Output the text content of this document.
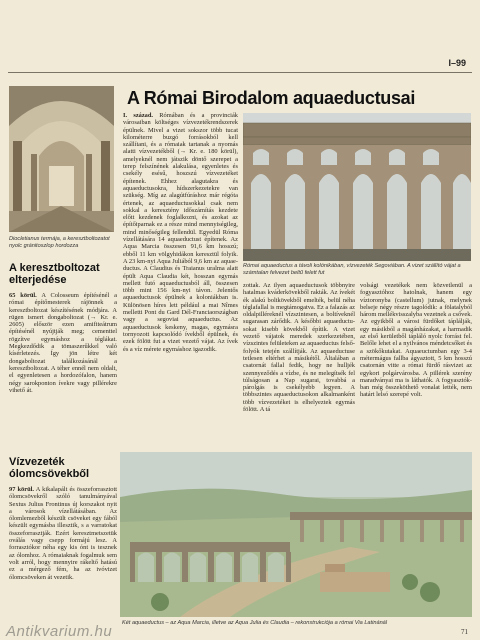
I–99
Diocletianus termája, a keresztboltozatot nyolc gránitoszlop hordozza
A keresztboltozat elterjedése
65 körül. A Colosseum építésénél a római építőmesterek rájönnek a keresztboltozat készítésének módjára. A rügen ismert dongaboltozat (→ Kr. e. 2605) először ezen amifiteátrum építésénél nyújtják meg; cementtel rögzítve egymáshoz a téglákat. Megkezdődik a tömaszerűkkel való kísérletezés. Így jön létre két dongaboltozat találkozásánál a keresztboltozat. A téher ennél nem oldalt, el egyenletesen a hordozófalon, hanem négy sarokponton ívekre vagy pillérekre vihető át.
Vízvezeték ólomcsövekből
97 körül. A kikalapált és összeforrasztott ólomcsövekről szóló tanulmányával Sextus Julius Frontinus új korszakot nyit a városok vízellátásában. Az ólomlemezből készült csöveket egy fából készült egymásba illesztik, s a varratokat összeforrasztják. Ezért keresztmetszetük oválás vagy csepp formájú lesz. A forrasztókor néha egy kis ónt is tesznek az ólomhoz. A rómaiaknak fogalmuk sem volt arról, hogy mennyire rákeltő hatású ez a mérgező fém, ha az ivóvizet ólomcsöveken át vezetik.
A Római Birodalom aquaeductusai
I. század. Rómában és a provinciák városaiban költséges vízvezetékrendszerek épülnek. Mivel a vizet sokszor több tucat kilométerre buzgó forrásokból kell szállítani, és a rómaiak tartanak a nyomás alatti vízvezetékből (→ Kr. e. 180 körül), amelyeknél nem játszik döntő szerepet a terep felszínének alakulása, egyenletes és csekély esésű, hoszszú vízvezetéket építenek. Ehhez alagutakra és aquaeductusokra, hídszerkezetekre van szükség. Míg az alagútfúráshoz már régóta értenek, az aquaeductusokkal csak nem sokkal a keresztény időszámítás kezdete előtt kezdenek foglalkozni, és azokat az építőiparnak ez a része mind mennyiségileg, mind minőségileg fellendül. Egyedül Róma vízellátására 14 aquaeductust építenek. Az Aqua Marcia összesen 91,6 km hosszú; ebből 11 km völgyhidákon keresztül folyik. A 23 km-nyi Aqua Juliából 9,6 km az aquaeductus. A Claudius és Traianus uralma alatt épült Aqua Claudia két, hosszan egymás mellett futó aquaeductusból áll, összesen több mint 156 km-nyi távon. Jelentős aquaeductusok épülnek a koloniákban is. Különösen híres lett például a mai Nîmes melletti Pont du Gard Dél-Franciaországban vagy a segoviai aquaeductus. Az aquaeductusok keskeny, magas, egymásra tornyozott kapcsolódó ívekből épülnek, és ezek fölött fut a vizet vezető vájat. Az ívek és a víz mérete egymáshoz igazodik.
Római aquaeductus a távoli kolónikában, vízvezeték Segoviában. A vizet szállító vájat a számtalan felvezet beltű felett fut
zottak. Az ilyen aquaeductusok többnyire hatalmas kváderkövekből rakták. Az ívekét ék alakú boltkövekből emelték, belül néha téglafallal is megtámogatva. Ez a falazás az oldalpilléreknél vízszintesen, a boltíveknél sugarasan zárődik. A későbbi aquaeductusokat kisebb kövekből építik. A vizet vezető vájatok meredek szerkezetében, vízszintes felületeken az aquaeductus felsőfolyók tetején szállítják. Az aquaeductuse tetlesen eltérhet a másikétől. Általában a csatornát fallal fedik, hogy ne hulljék szennyeződés a vízbe, és ne melegítsék fel túlságosan a Nap sugarai, tovabbá a párolgás is csekélyebb legyen. A többszintes aquaeductusokon alkalmanként több vízvezetéket is elhelyeztek egymás fölött. A tá
volsági vezetékek nem közvetlenül a fogyasztóhoz hatolnak, hanem egy víztoronyba (castellum) jutnak, melynek belseje négy részre tagolódik: a fölatalyból három mellékvisszalyba vezetnek a csővek. Az egyikből a városi fürdőket táplálják, egy másikból a magánházakat, a harmadik az első kerületből tápláló nyolc forrást fel. Belőle lehet el a nyilvános méndetcsőket és a szökőkutakat. Aquaeuctumban egy 3-4 métermágus fallba ágyaztott, 5 km hosszú csatornán vitte a római fürdő rásvizet az egykori polgárvárosba. A pillérek szerény maradványai ma is láthatók. A fogyasztókban még összeköthető vonalat lették, nem határt lelsó szerepé volt.
Két aquaeductus – az Aqua Marcia, illetve az Aqua Julia és Claudia – rekonstrukciója a római Via Latinánál
71
Antikvarium.hu
